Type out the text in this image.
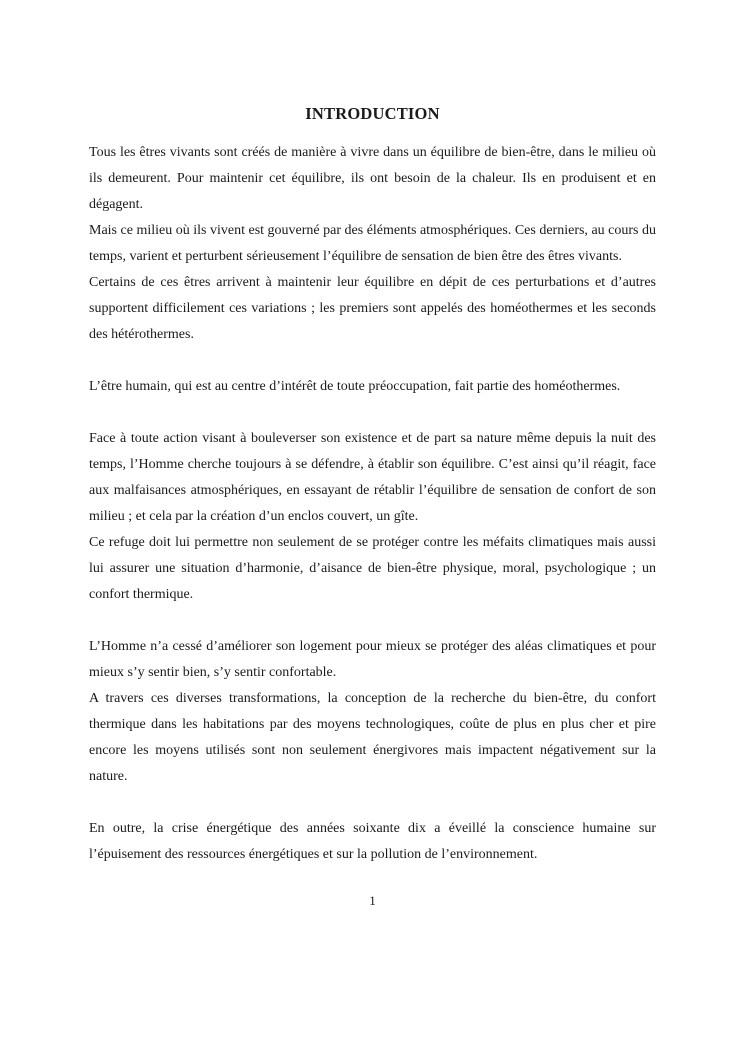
INTRODUCTION

Tous les êtres vivants sont créés de manière à vivre dans un équilibre de bien-être, dans le milieu où ils demeurent. Pour maintenir cet équilibre, ils ont besoin de la chaleur. Ils en produisent et en dégagent.

Mais ce milieu où ils vivent est gouverné par des éléments atmosphériques. Ces derniers, au cours du temps, varient et perturbent sérieusement l’équilibre de sensation de bien être des êtres vivants.

Certains de ces êtres arrivent à maintenir leur équilibre en dépit de ces perturbations et d’autres supportent difficilement ces variations ; les premiers sont appelés des homéothermes et les seconds des hétérothermes.

L’être humain, qui est au centre d’intérêt de toute préoccupation, fait partie des homéothermes.

Face à toute action visant à bouleverser son existence et de part sa nature même depuis la nuit des temps, l’Homme cherche toujours à se défendre, à établir son équilibre. C’est ainsi qu’il réagit, face aux malfaisances atmosphériques, en essayant de rétablir l’équilibre de sensation de confort de son milieu ; et cela par la création d’un enclos couvert, un gîte.

Ce refuge doit lui permettre non seulement de se protéger contre les méfaits climatiques mais aussi lui assurer une situation d’harmonie, d’aisance de bien-être physique, moral, psychologique ; un confort thermique.

L’Homme n’a cessé d’améliorer son logement pour mieux se protéger des aléas climatiques et pour mieux s’y sentir bien, s’y sentir confortable.

A travers ces diverses transformations, la conception de la recherche du bien-être, du confort thermique dans les habitations par des moyens technologiques, coûte de plus en plus cher et pire encore les moyens utilisés sont non seulement énergivores mais impactent négativement sur la nature.

En outre, la crise énergétique des années soixante dix a éveillé la conscience humaine sur l’épuisement des ressources énergétiques et sur la pollution de l’environnement.

1
